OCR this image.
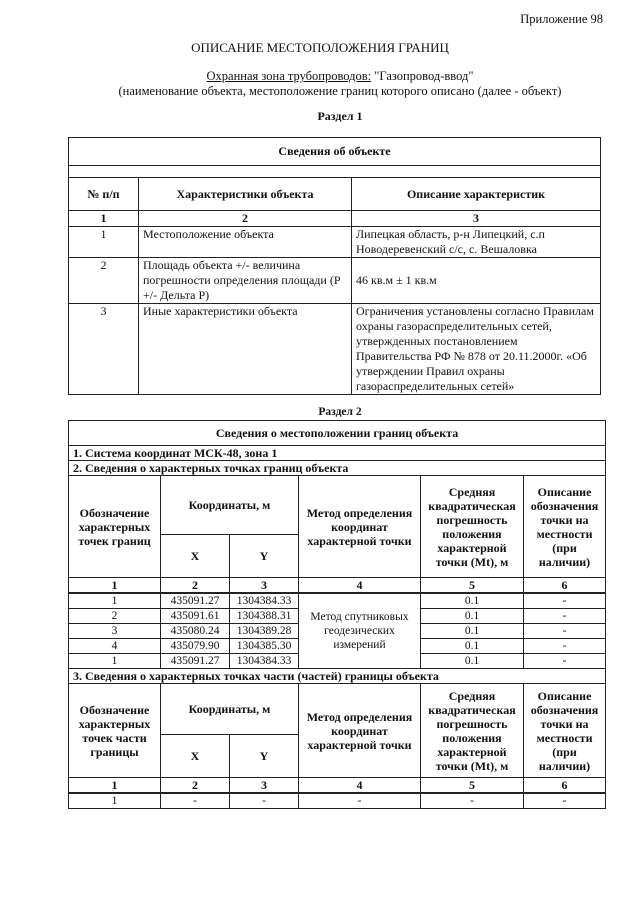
Приложение 98
ОПИСАНИЕ МЕСТОПОЛОЖЕНИЯ ГРАНИЦ
Охранная зона трубопроводов: "Газопровод-ввод"
(наименование объекта, местоположение границ которого описано (далее - объект)
Раздел 1
Сведения об объекте		

№ п/п	Характеристики объекта	Описание характеристик
1	2	3
1	Местоположение объекта	Липецкая область, р-н Липецкий, с.п Новодеревенский с/с, с. Вешаловка
2	Площадь объекта +/- величина погрешности определения площади (P +/- Дельта P)	46 кв.м ± 1 кв.м
3	Иные характеристики объекта	Ограничения установлены согласно Правилам охраны газораспределительных сетей, утвержденных постановлением Правительства РФ № 878 от 20.11.2000г. «Об утверждении Правил охраны газораспределительных сетей»
Раздел 2
Сведения о местоположении границ объекта					
1. Система координат МСК-48, зона 1					
2. Сведения о характерных точках границ объекта					
Обозначение характерных точек границ	Координаты, м		Метод определения координат характерной точки	Средняя квадратическая погрешность положения характерной точки (Mt), м	Описание обозначения точки на местности (при наличии)
	X	Y			
1	2	3	4	5	6
1	435091.27	1304384.33	Метод спутниковых геодезических измерений	0.1	-
2	435091.61	1304388.31		0.1	-
3	435080.24	1304389.28		0.1	-
4	435079.90	1304385.30		0.1	-
1	435091.27	1304384.33		0.1	-
3. Сведения о характерных точках части (частей) границы объекта					
Обозначение характерных точек части границы	Координаты, м		Метод определения координат характерной точки	Средняя квадратическая погрешность положения характерной точки (Mt), м	Описание обозначения точки на местности (при наличии)
	X	Y			
1	2	3	4	5	6
1	-	-	-	-	-
